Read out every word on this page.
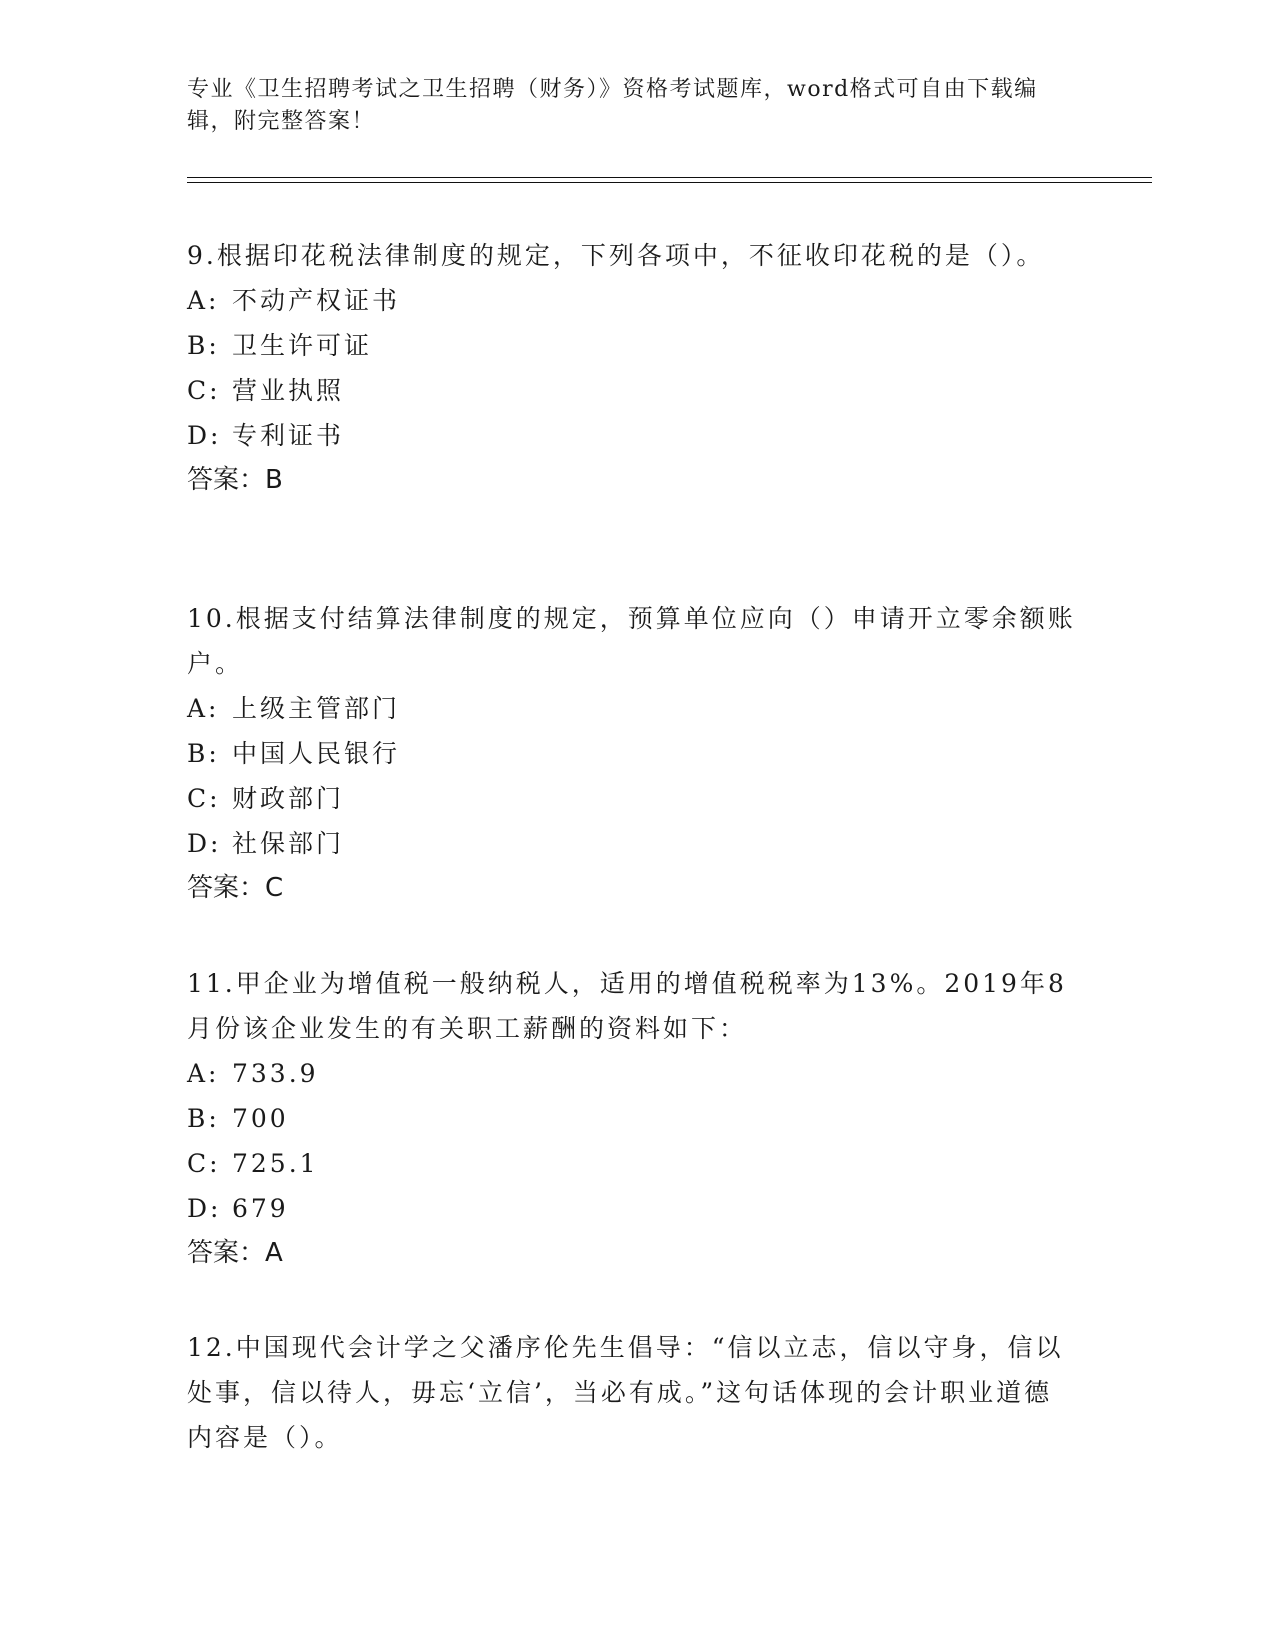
专业《卫生招聘考试之卫生招聘（财务）》资格考试题库，word格式可自由下载编辑，附完整答案！

9.根据印花税法律制度的规定，下列各项中，不征收印花税的是（）。

A: 不动产权证书
B: 卫生许可证
C: 营业执照
D: 专利证书

答案：B

10.根据支付结算法律制度的规定，预算单位应向（）申请开立零余额账户。

A: 上级主管部门
B: 中国人民银行
C: 财政部门
D: 社保部门

答案：C

11.甲企业为增值税一般纳税人，适用的增值税税率为13%。2019年8月份该企业发生的有关职工薪酬的资料如下：

A: 733.9
B: 700
C: 725.1
D: 679

答案：A

12.中国现代会计学之父潘序伦先生倡导：“信以立志，信以守身，信以处事，信以待人，毋忘‘立信’，当必有成。”这句话体现的会计职业道德内容是（）。
